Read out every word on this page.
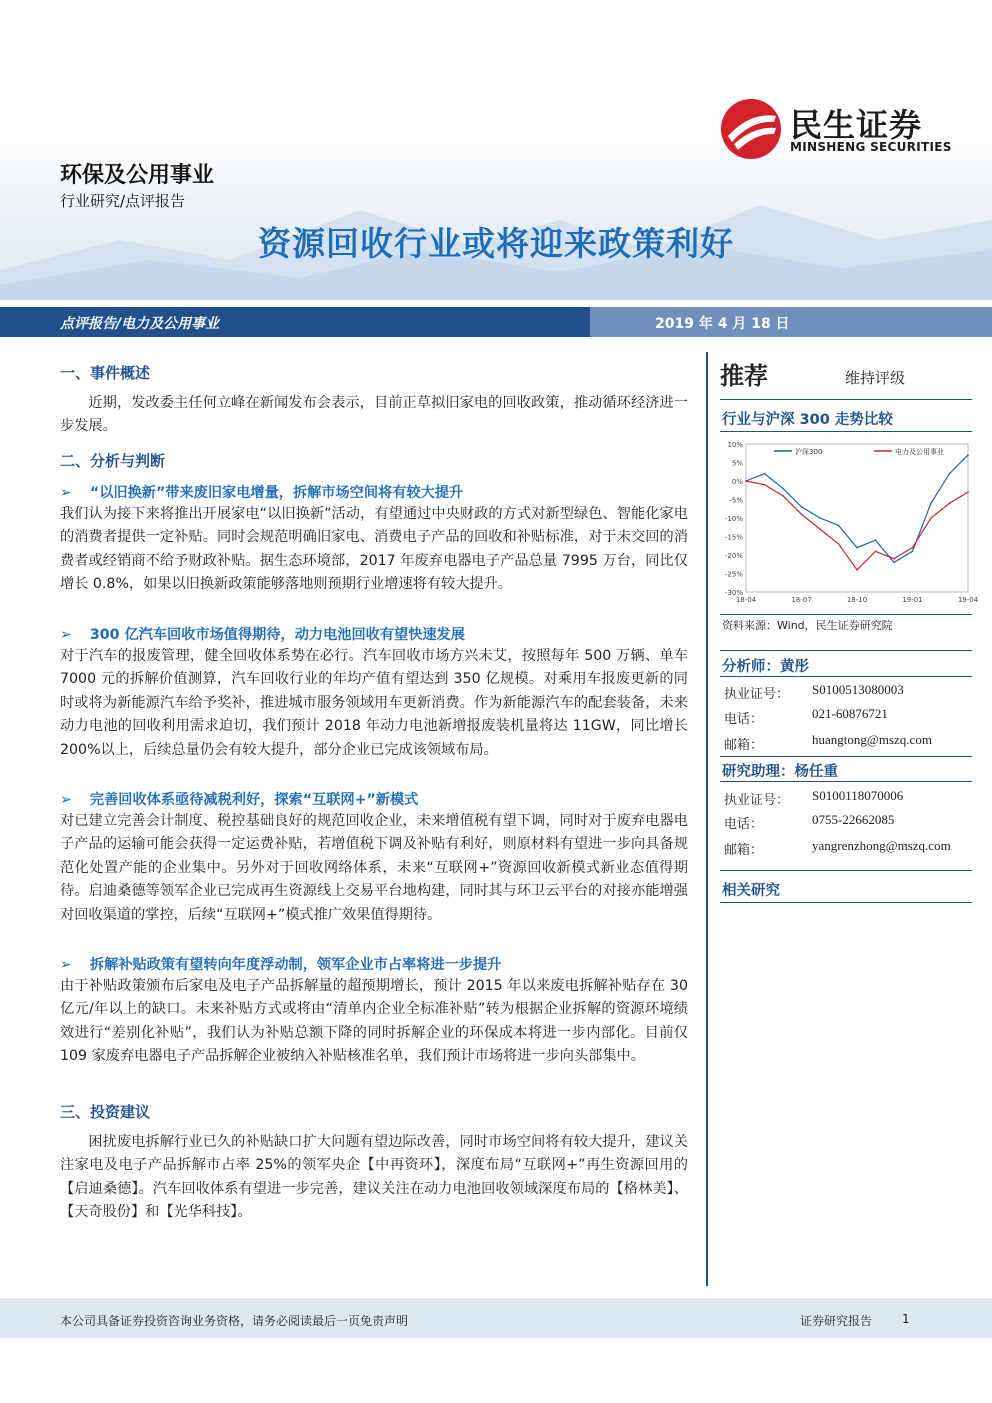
民生证券
MINSHENG SECURITIES
环保及公用事业
行业研究/点评报告
资源回收行业或将迎来政策利好
点评报告/电力及公用事业	2019 年 4 月 18 日
一、事件概述
近期，发改委主任何立峰在新闻发布会表示，目前正草拟旧家电的回收政策，推动循环经济进一步发展。
二、分析与判断
➢ “以旧换新”带来废旧家电增量，拆解市场空间将有较大提升
我们认为接下来将推出开展家电“以旧换新”活动，有望通过中央财政的方式对新型绿色、智能化家电的消费者提供一定补贴。同时会规范明确旧家电、消费电子产品的回收和补贴标准，对于未交回的消费者或经销商不给予财政补贴。据生态环境部，2017 年废弃电器电子产品总量 7995 万台，同比仅增长 0.8%，如果以旧换新政策能够落地则预期行业增速将有较大提升。
➢ 300 亿汽车回收市场值得期待，动力电池回收有望快速发展
对于汽车的报废管理，健全回收体系势在必行。汽车回收市场方兴未艾，按照每年 500 万辆、单车 7000 元的拆解价值测算，汽车回收行业的年均产值有望达到 350 亿规模。对乘用车报废更新的同时或将为新能源汽车给予奖补，推进城市服务领域用车更新消费。作为新能源汽车的配套装备，未来动力电池的回收利用需求迫切，我们预计 2018 年动力电池新增报废装机量将达 11GW，同比增长 200%以上，后续总量仍会有较大提升，部分企业已完成该领域布局。
➢ 完善回收体系亟待减税利好，探索“互联网+”新模式
对已建立完善会计制度、税控基础良好的规范回收企业，未来增值税有望下调，同时对于废弃电器电子产品的运输可能会获得一定运费补贴，若增值税下调及补贴有利好，则原材料有望进一步向具备规范化处置产能的企业集中。另外对于回收网络体系，未来“互联网+”资源回收新模式新业态值得期待。启迪桑德等领军企业已完成再生资源线上交易平台地构建，同时其与环卫云平台的对接亦能增强对回收渠道的掌控，后续“互联网+”模式推广效果值得期待。
➢ 拆解补贴政策有望转向年度浮动制，领军企业市占率将进一步提升
由于补贴政策颁布后家电及电子产品拆解量的超预期增长，预计 2015 年以来废电拆解补贴存在 30 亿元/年以上的缺口。未来补贴方式或将由“清单内企业全标准补贴”转为根据企业拆解的资源环境绩效进行“差别化补贴”，我们认为补贴总额下降的同时拆解企业的环保成本将进一步内部化。目前仅 109 家废弃电器电子产品拆解企业被纳入补贴核准名单，我们预计市场将进一步向头部集中。
三、投资建议
困扰废电拆解行业已久的补贴缺口扩大问题有望边际改善，同时市场空间将有较大提升，建议关注家电及电子产品拆解市占率 25%的领军央企【中再资环】，深度布局“互联网+”再生资源回用的【启迪桑德】。汽车回收体系有望进一步完善，建议关注在动力电池回收领域深度布局的【格林美】、【天奇股份】和【光华科技】。
推荐	维持评级
行业与沪深 300 走势比较
10%
5%
0%
-5%
-10%
-15%
-20%
-25%
-30%
18-04	18-07	18-10	19-01	19-04
沪深300	电力及公用事业
资料来源：Wind，民生证券研究院
分析师：黄彤
执业证号： S0100513080003
电话：	021-60876721
邮箱：	huangtong@mszq.com
研究助理：杨任重
执业证号： S0100118070006
电话：	0755-22662085
邮箱：	yangrenzhong@mszq.com
相关研究
本公司具备证券投资咨询业务资格，请务必阅读最后一页免责声明	证券研究报告 1
